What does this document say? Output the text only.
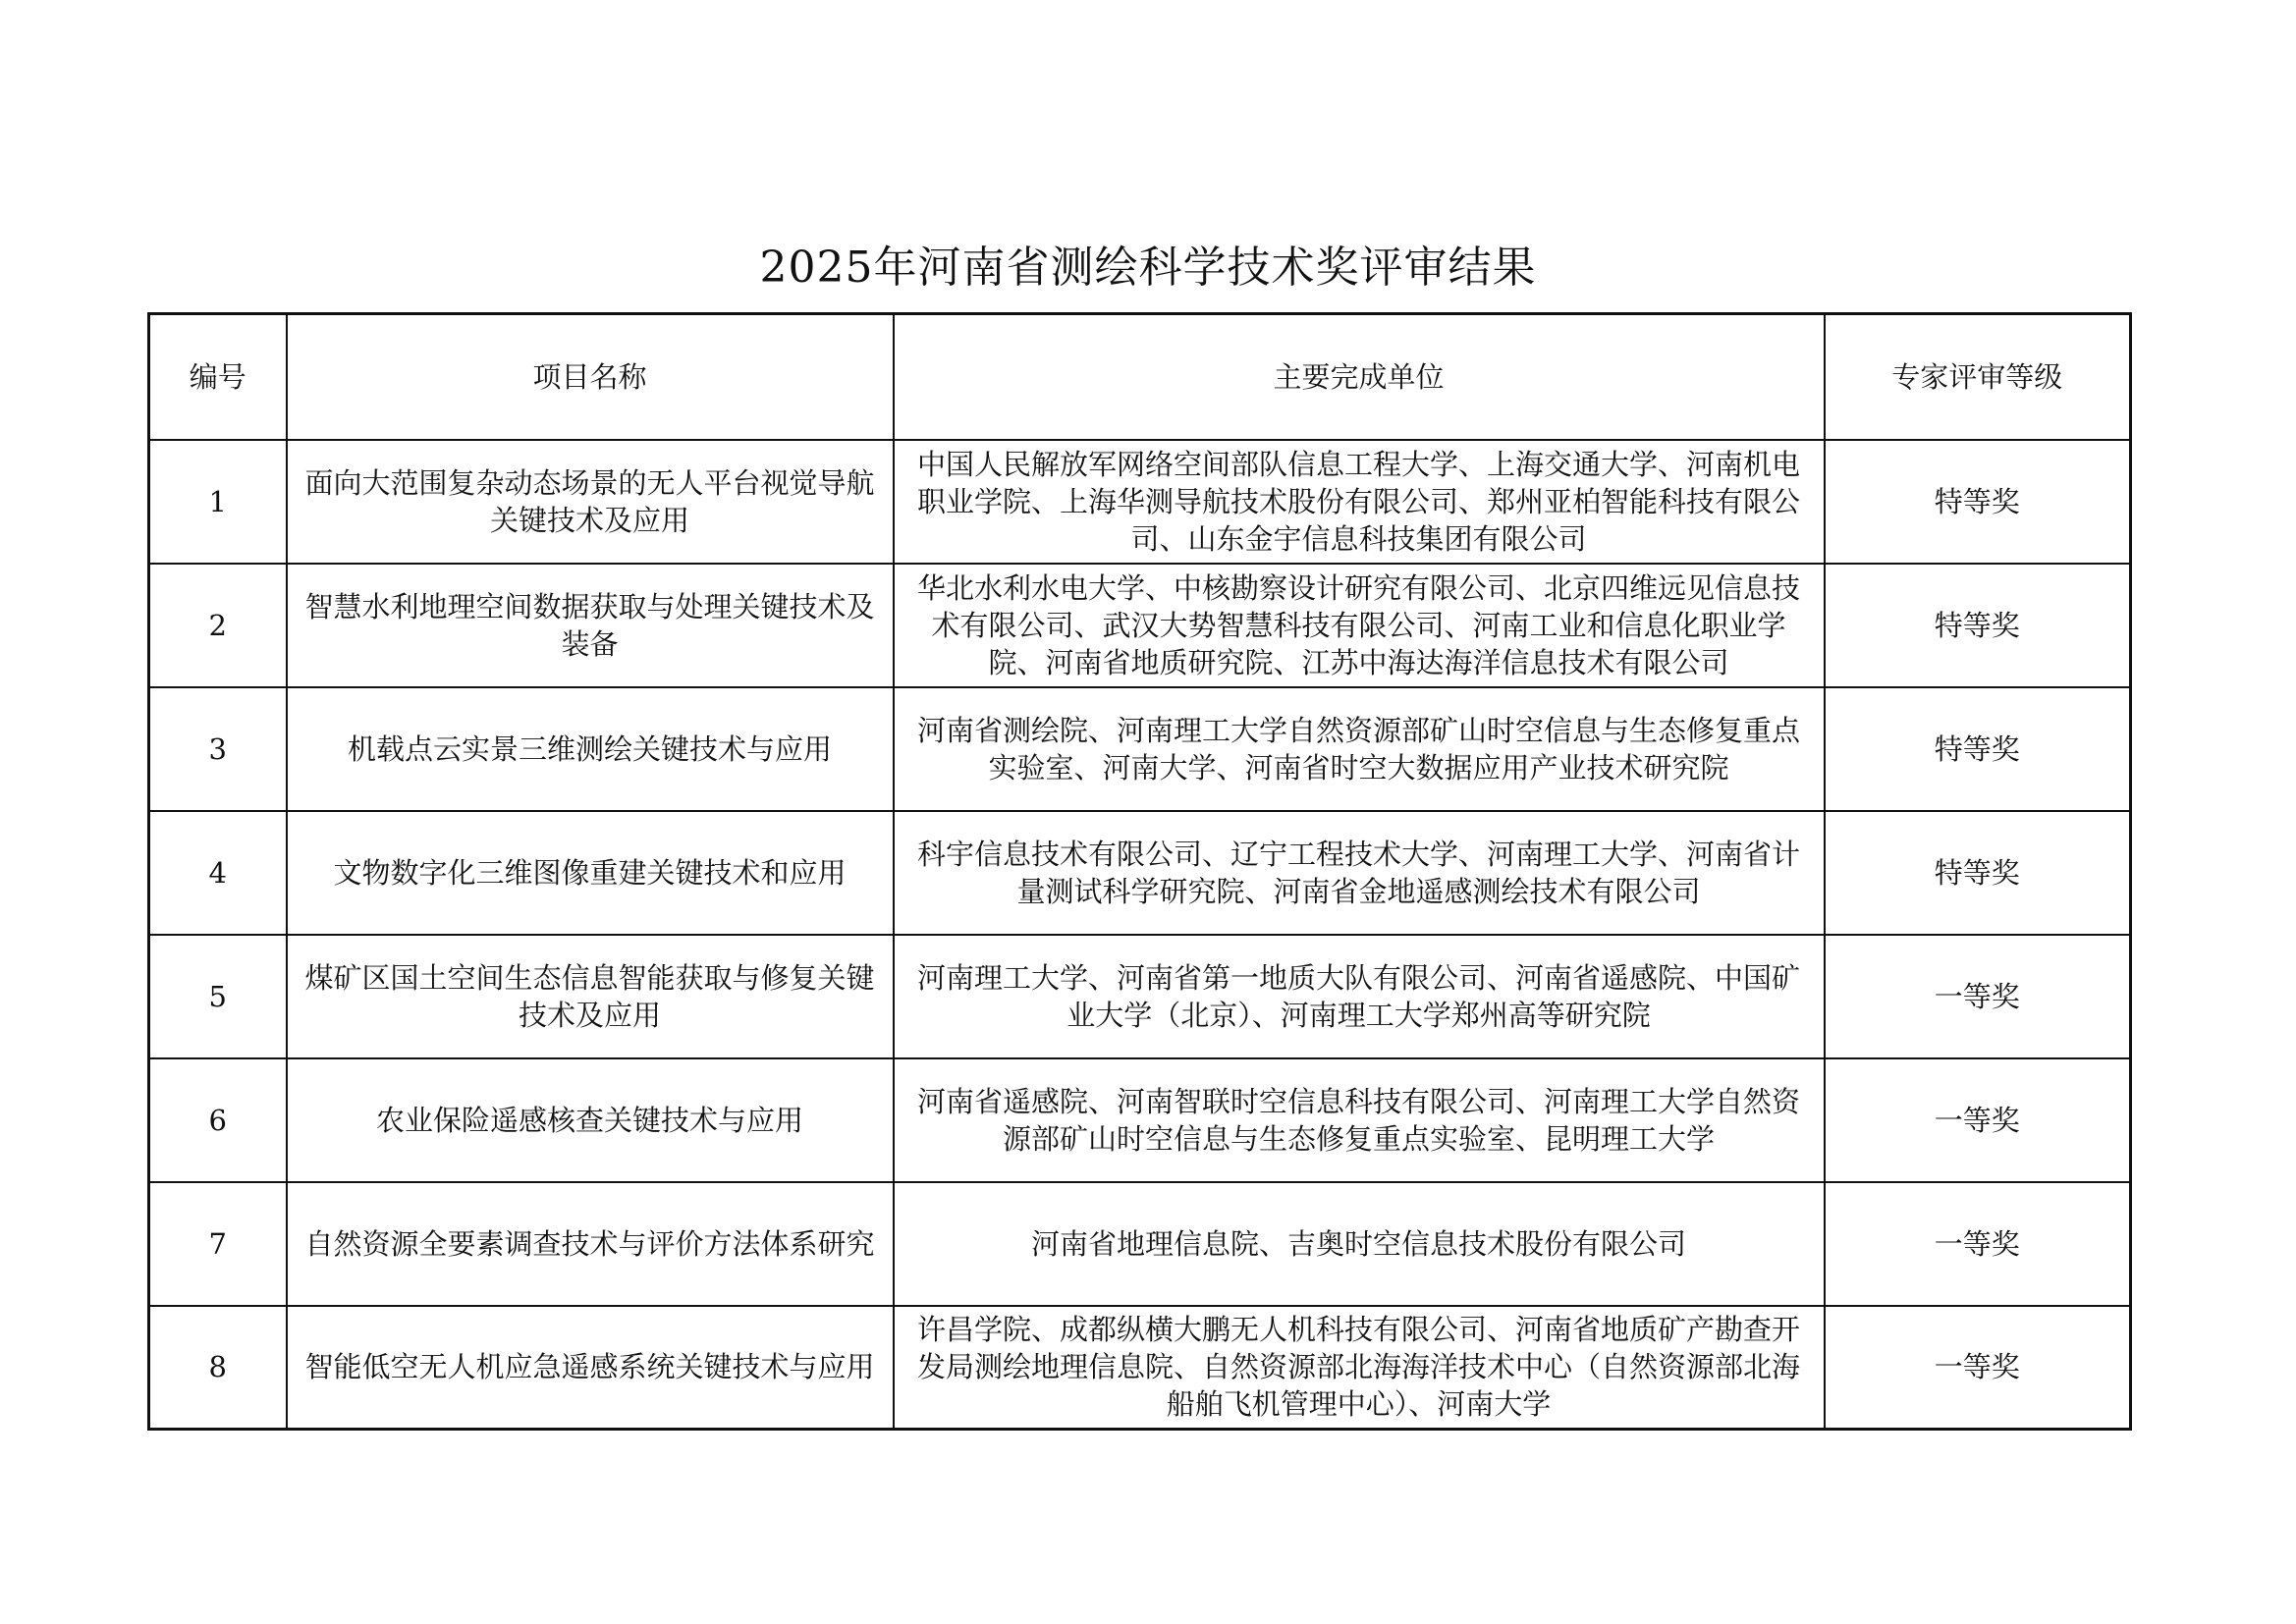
2025年河南省测绘科学技术奖评审结果
编号	项目名称	主要完成单位	专家评审等级
1	面向大范围复杂动态场景的无人平台视觉导航关键技术及应用	中国人民解放军网络空间部队信息工程大学、上海交通大学、河南机电职业学院、上海华测导航技术股份有限公司、郑州亚柏智能科技有限公司、山东金宇信息科技集团有限公司	特等奖
2	智慧水利地理空间数据获取与处理关键技术及装备	华北水利水电大学、中核勘察设计研究有限公司、北京四维远见信息技术有限公司、武汉大势智慧科技有限公司、河南工业和信息化职业学院、河南省地质研究院、江苏中海达海洋信息技术有限公司	特等奖
3	机载点云实景三维测绘关键技术与应用	河南省测绘院、河南理工大学自然资源部矿山时空信息与生态修复重点实验室、河南大学、河南省时空大数据应用产业技术研究院	特等奖
4	文物数字化三维图像重建关键技术和应用	科宇信息技术有限公司、辽宁工程技术大学、河南理工大学、河南省计量测试科学研究院、河南省金地遥感测绘技术有限公司	特等奖
5	煤矿区国土空间生态信息智能获取与修复关键技术及应用	河南理工大学、河南省第一地质大队有限公司、河南省遥感院、中国矿业大学（北京）、河南理工大学郑州高等研究院	一等奖
6	农业保险遥感核查关键技术与应用	河南省遥感院、河南智联时空信息科技有限公司、河南理工大学自然资源部矿山时空信息与生态修复重点实验室、昆明理工大学	一等奖
7	自然资源全要素调查技术与评价方法体系研究	河南省地理信息院、吉奥时空信息技术股份有限公司	一等奖
8	智能低空无人机应急遥感系统关键技术与应用	许昌学院、成都纵横大鹏无人机科技有限公司、河南省地质矿产勘查开发局测绘地理信息院、自然资源部北海海洋技术中心（自然资源部北海船舶飞机管理中心）、河南大学	一等奖
